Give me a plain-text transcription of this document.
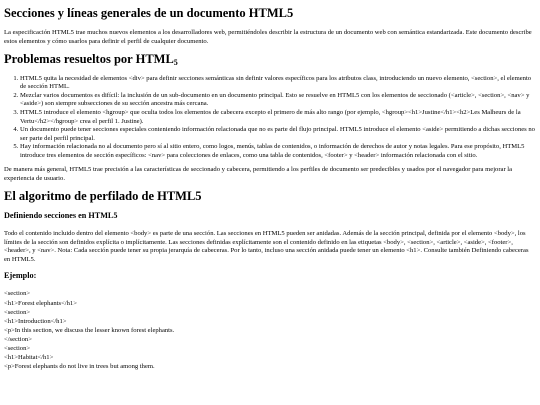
Secciones y líneas generales de un documento HTML5

La especificación HTML5 trae muchos nuevos elementos a los desarrolladores web, permitiéndoles describir la estructura de un documento web con semántica estandarizada. Este documento describe estos elementos y cómo usarlos para definir el perfil de cualquier documento.

Problemas resueltos por $HTML_5$
1. HTML5 quita la necesidad de elementos <div> para definir secciones semánticas sin definir valores específicos para los atributos class, introduciendo un nuevo elemento, <section>, el elemento de sección HTML.
2. Mezclar varios documentos es difícil: la inclusión de un sub-documento en un documento principal. Esto se resuelve en HTML5 con los elementos de seccionado (<article>, <section>, <nav> y <aside>) son siempre subsecciones de su sección ancestra más cercana.
3. HTML5 introduce el elemento <hgroup> que oculta todos los elementos de cabecera excepto el primero de más alto rango (por ejemplo, <hgroup><h1>Justine</h1><h2>Les Malheurs de la Vertu</h2></hgroup> crea el perfil 1. Justine).
4. Un documento puede tener secciones especiales conteniendo información relacionada que no es parte del flujo principal. HTML5 introduce el elemento <aside> permitiendo a dichas secciones no ser parte del perfil principal.
5. Hay información relacionada no al documento pero sí al sitio entero, como logos, menús, tablas de contenidos, o información de derechos de autor y notas legales. Para ese propósito, HTML5 introduce tres elementos de sección específicos: <nav> para colecciones de enlaces, como una tabla de contenidos, <footer> y <header> información relacionada con el sitio.

De manera más general, HTML5 trae precisión a las características de seccionado y cabecera, permitiendo a los perfiles de documento ser predecibles y usados por el navegador para mejorar la experiencia de usuario.

El algoritmo de perfilado de HTML5
Definiendo secciones en HTML5

Todo el contenido incluido dentro del elemento <body> es parte de una sección. Las secciones en HTML5 pueden ser anidadas. Además de la sección principal, definida por el elemento <body>, los límites de la sección son definidos explícita o implícitamente. Las secciones definidas explícitamente son el contenido definido en las etiquetas <body>, <section>, <article>, <aside>, <footer>, <header>, y <nav>. Nota: Cada sección puede tener su propia jerarquía de cabeceras. Por lo tanto, incluso una sección anidada puede tener un elemento <h1>. Consulte también Definiendo cabeceras en HTML5.

Ejemplo:
<section>
<h1>Forest elephants</h1>
<section>
<h1>Introduction</h1>
<p>In this section, we discuss the lesser known forest elephants.
</section>
<section>
<h1>Habitat</h1>
<p>Forest elephants do not live in trees but among them.
